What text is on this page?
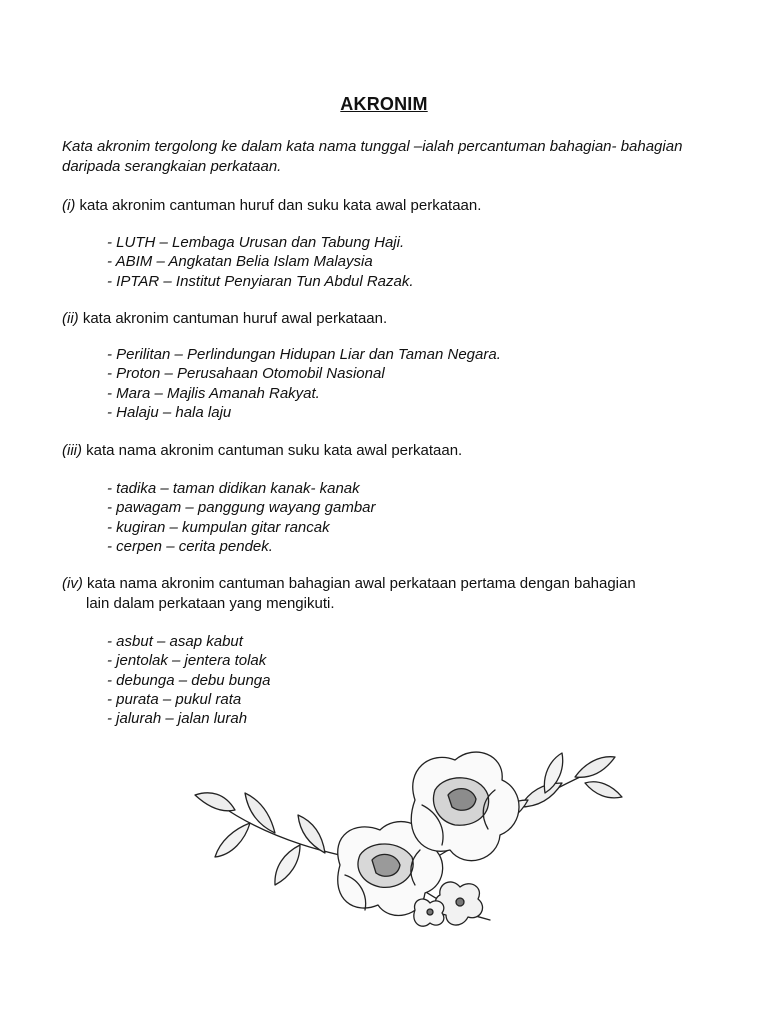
AKRONIM
Kata akronim tergolong ke dalam kata nama tunggal –ialah percantuman bahagian- bahagian daripada serangkaian perkataan.
(i) kata akronim cantuman huruf dan suku kata awal perkataan.
- LUTH – Lembaga Urusan dan Tabung Haji.
- ABIM – Angkatan Belia Islam Malaysia
- IPTAR – Institut Penyiaran Tun Abdul Razak.
(ii) kata akronim cantuman huruf awal perkataan.
- Perilitan – Perlindungan Hidupan Liar dan Taman Negara.
- Proton – Perusahaan Otomobil Nasional
- Mara – Majlis Amanah Rakyat.
- Halaju – hala laju
(iii) kata nama akronim cantuman suku kata awal perkataan.
- tadika – taman didikan kanak- kanak
- pawagam – panggung wayang gambar
- kugiran – kumpulan gitar rancak
- cerpen – cerita pendek.
(iv) kata nama akronim cantuman bahagian awal perkataan pertama dengan bahagian
lain dalam perkataan yang mengikuti.
- asbut – asap kabut
- jentolak – jentera tolak
- debunga – debu bunga
- purata – pukul rata
- jalurah – jalan lurah
